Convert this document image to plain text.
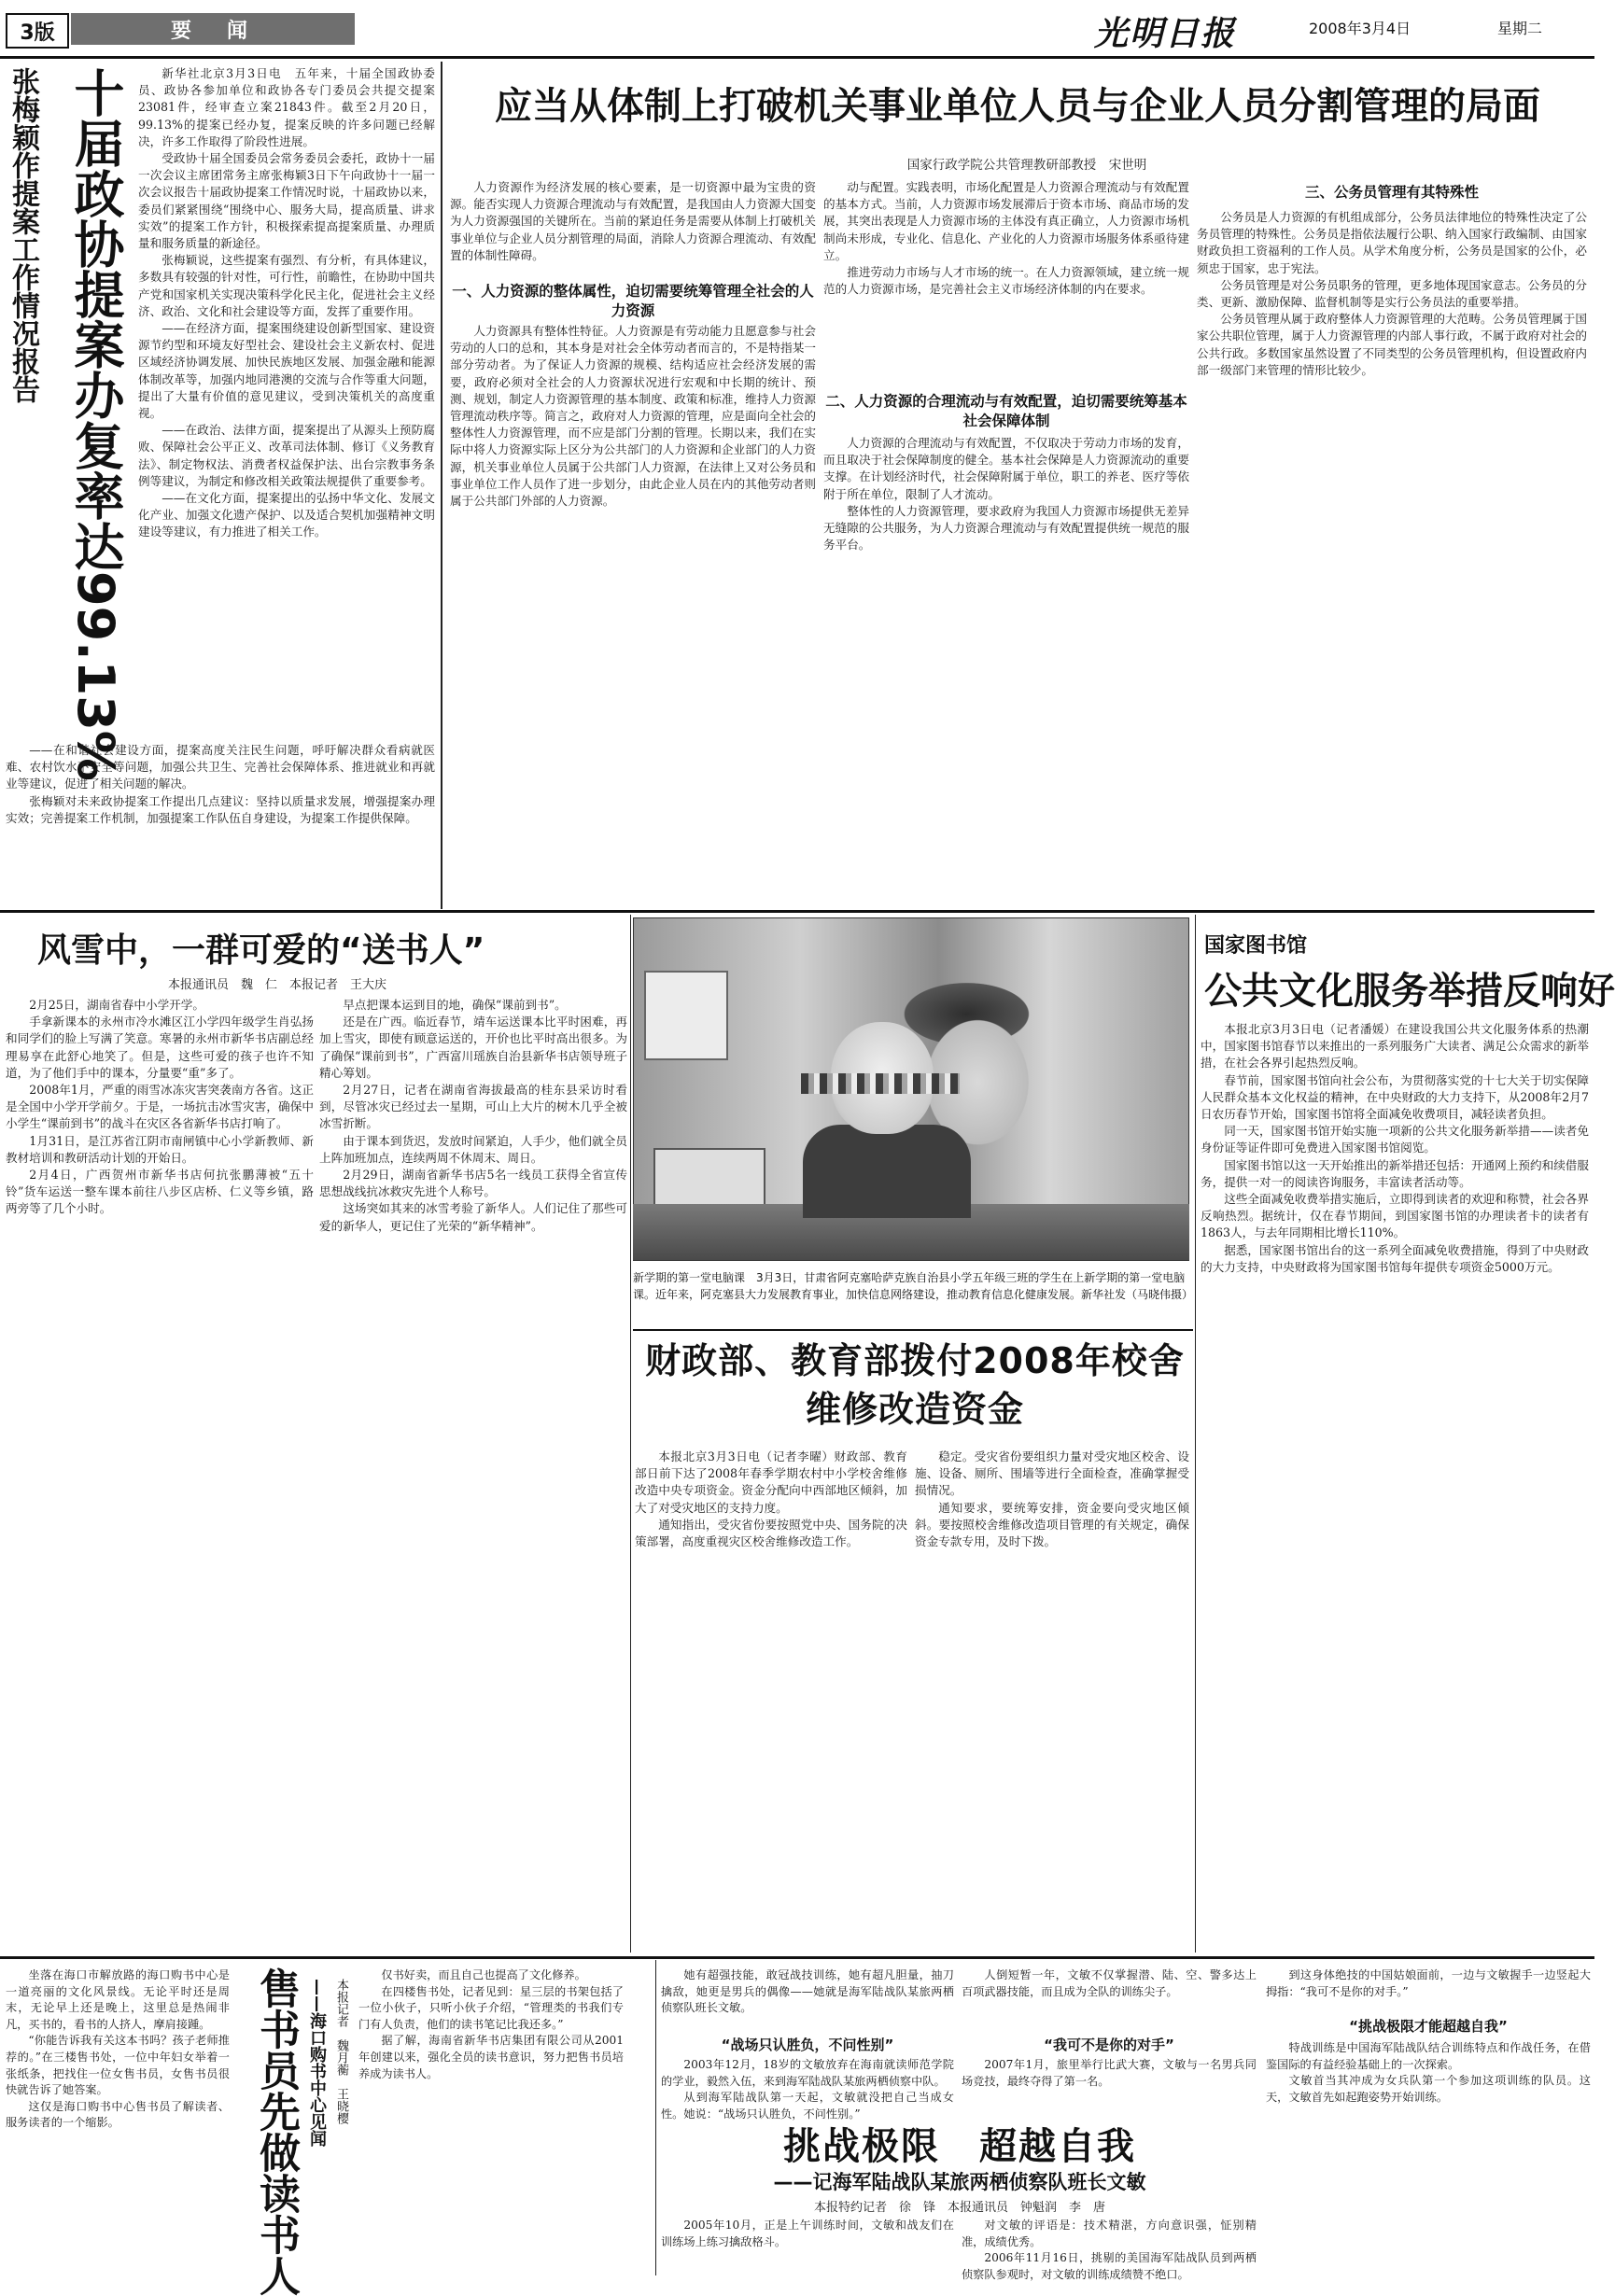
3版	要　闻	光明日报	2008年3月4日	星期二
十届政协提案办复率达99.13%
张梅颖作提案工作情况报告	新华社北京3月3日电　五年来，十届全国政协委员、政协各参加单位和政协各专门委员会共提交提案23081件，经审查立案21843件。截至2月20日，99.13%的提案已经办复，提案反映的许多问题已经解决，许多工作取得了阶段性进展。

受政协十届全国委员会常务委员会委托，政协十一届一次会议主席团常务主席张梅颖3日下午向政协十一届一次会议报告十届政协提案工作情况时说，十届政协以来，委员们紧紧围绕“围绕中心、服务大局，提高质量、讲求实效”的提案工作方针，积极探索提高提案质量、办理质量和服务质量的新途径。

张梅颖说，这些提案有强烈、有分析，有具体建议，多数具有较强的针对性，可行性，前瞻性，在协助中国共产党和国家机关实现决策科学化民主化，促进社会主义经济、政治、文化和社会建设等方面，发挥了重要作用。

——在经济方面，提案围绕建设创新型国家、建设资源节约型和环境友好型社会、建设社会主义新农村、促进区域经济协调发展、加快民族地区发展、加强金融和能源体制改革等，加强内地同港澳的交流与合作等重大问题，提出了大量有价值的意见建议，受到决策机关的高度重视。

——在政治、法律方面，提案提出了从源头上预防腐败、保障社会公平正义、改革司法体制、修订《义务教育法》、制定物权法、消费者权益保护法、出台宗教事务条例等建议，为制定和修改相关政策法规提供了重要参考。

——在文化方面，提案提出的弘扬中华文化、发展文化产业、加强文化遗产保护、以及适合契机加强精神文明建设等建议，有力推进了相关工作。

——在和谐社会建设方面，提案高度关注民生问题，呼吁解决群众看病就医难、农村饮水不安全等问题，加强公共卫生、完善社会保障体系、推进就业和再就业等建议，促进了相关问题的解决。

张梅颖对未来政协提案工作提出几点建议：坚持以质量求发展，增强提案办理实效；完善提案工作机制，加强提案工作队伍自身建设，为提案工作提供保障。

应当从体制上打破机关事业单位人员与企业人员分割管理的局面
国家行政学院公共管理教研部教授　宋世明

人力资源作为经济发展的核心要素，是一切资源中最为宝贵的资源。能否实现人力资源合理流动与有效配置，是我国由人力资源大国变为人力资源强国的关键所在。当前的紧迫任务是需要从体制上打破机关事业单位与企业人员分割管理的局面，消除人力资源合理流动、有效配置的体制性障碍。

一、人力资源的整体属性，迫切需要统筹管理全社会的人力资源

人力资源具有整体性特征。人力资源是有劳动能力且愿意参与社会劳动的人口的总和，其本身是对社会全体劳动者而言的，不是特指某一部分劳动者。为了保证人力资源的规模、结构适应社会经济发展的需要，政府必须对全社会的人力资源状况进行宏观和中长期的统计、预测、规划，制定人力资源管理的基本制度、政策和标准，维持人力资源管理流动秩序等。简言之，政府对人力资源的管理，应是面向全社会的整体性人力资源管理，而不应是部门分割的管理。长期以来，我们在实际中将人力资源实际上区分为公共部门的人力资源和企业部门的人力资源，机关事业单位人员属于公共部门人力资源，在法律上又对公务员和事业单位工作人员作了进一步划分，由此企业人员在内的其他劳动者则属于公共部门外部的人力资源。

动与配置。实践表明，市场化配置是人力资源合理流动与有效配置的基本方式。当前，人力资源市场发展滞后于资本市场、商品市场的发展，其突出表现是人力资源市场的主体没有真正确立，人力资源市场机制尚未形成，专业化、信息化、产业化的人力资源市场服务体系亟待建立。

推进劳动力市场与人才市场的统一。在人力资源领域，建立统一规范的人力资源市场，是完善社会主义市场经济体制的内在要求。

二、人力资源的合理流动与有效配置，迫切需要统筹基本社会保障体制

人力资源的合理流动与有效配置，不仅取决于劳动力市场的发育，而且取决于社会保障制度的健全。基本社会保障是人力资源流动的重要支撑。在计划经济时代，社会保障附属于单位，职工的养老、医疗等依附于所在单位，限制了人才流动。

整体性的人力资源管理，要求政府为我国人力资源市场提供无差异无缝隙的公共服务，为人力资源合理流动与有效配置提供统一规范的服务平台。

三、公务员管理有其特殊性

公务员是人力资源的有机组成部分，公务员法律地位的特殊性决定了公务员管理的特殊性。公务员是指依法履行公职、纳入国家行政编制、由国家财政负担工资福利的工作人员。从学术角度分析，公务员是国家的公仆，必须忠于国家，忠于宪法。

公务员管理是对公务员职务的管理，更多地体现国家意志。公务员的分类、更新、激励保障、监督机制等是实行公务员法的重要举措。

公务员管理从属于政府整体人力资源管理的大范畴。公务员管理属于国家公共职位管理，属于人力资源管理的内部人事行政，不属于政府对社会的公共行政。多数国家虽然设置了不同类型的公务员管理机构，但设置政府内部一级部门来管理的情形比较少。

风雪中，一群可爱的“送书人”
本报通讯员　魏　仁　本报记者　王大庆

2月25日，湖南省春中小学开学。

手拿新课本的永州市冷水滩区江小学四年级学生肖弘扬和同学们的脸上写满了笑意。寒暑的永州市新华书店副总经理易享在此舒心地笑了。但是，这些可爱的孩子也许不知道，为了他们手中的课本，分量要“重”多了。

2008年1月，严重的雨雪冰冻灾害突袭南方各省。这正是全国中小学开学前夕。于是，一场抗击冰雪灾害，确保中小学生“课前到书”的战斗在灾区各省新华书店打响了。

1月31日，是江苏省江阴市南闸镇中心小学新教师、新教材培训和教研活动计划的开始日。

2月4日，广西贺州市新华书店何抗张鹏薄被“五十铃”货车运送一整车课本前往八步区店桥、仁义等乡镇，路两旁等了几个小时。

早点把课本运到目的地，确保“课前到书”。

还是在广西。临近春节，靖车运送课本比平时困难，再加上雪灾，即使有顾意运送的，开价也比平时高出很多。为了确保“课前到书”，广西富川瑶族自治县新华书店领导班子精心筹划。

2月27日，记者在湖南省海拔最高的桂东县采访时看到，尽管冰灾已经过去一星期，可山上大片的树木几乎全被冰雪折断。

由于课本到货迟，发放时间紧迫，人手少，他们就全员上阵加班加点，连续两周不休周末、周日。

2月29日，湖南省新华书店5名一线员工获得全省宣传思想战线抗冰救灾先进个人称号。

这场突如其来的冰雪考验了新华人。人们记住了那些可爱的新华人，更记住了光荣的“新华精神”。

新学期的第一堂电脑课　3月3日，甘肃省阿克塞哈萨克族自治县小学五年级三班的学生在上新学期的第一堂电脑课。近年来，阿克塞县大力发展教育事业，加快信息网络建设，推动教育信息化健康发展。新华社发（马晓伟摄）
国家图书馆
公共文化服务举措反响好

本报北京3月3日电（记者潘媛）在建设我国公共文化服务体系的热潮中，国家图书馆春节以来推出的一系列服务广大读者、满足公众需求的新举措，在社会各界引起热烈反响。

春节前，国家图书馆向社会公布，为贯彻落实党的十七大关于切实保障人民群众基本文化权益的精神，在中央财政的大力支持下，从2008年2月7日农历春节开始，国家图书馆将全面减免收费项目，减轻读者负担。

同一天，国家图书馆开始实施一项新的公共文化服务新举措——读者免身份证等证件即可免费进入国家图书馆阅览。

国家图书馆以这一天开始推出的新举措还包括：开通网上预约和续借服务，提供一对一的阅读咨询服务，丰富读者活动等。

这些全面减免收费举措实施后，立即得到读者的欢迎和称赞，社会各界反响热烈。据统计，仅在春节期间，到国家图书馆的办理读者卡的读者有1863人，与去年同期相比增长110%。

据悉，国家图书馆出台的这一系列全面减免收费措施，得到了中央财政的大力支持，中央财政将为国家图书馆每年提供专项资金5000万元。

财政部、教育部拨付2008年校舍维修改造资金

本报北京3月3日电（记者李曜）财政部、教育部日前下达了2008年春季学期农村中小学校舍维修改造中央专项资金。资金分配向中西部地区倾斜，加大了对受灾地区的支持力度。

通知指出，受灾省份要按照党中央、国务院的决策部署，高度重视灾区校舍维修改造工作。

稳定。受灾省份要组织力量对受灾地区校舍、设施、设备、厕所、围墙等进行全面检查，准确掌握受损情况。

通知要求，要统筹安排，资金要向受灾地区倾斜。要按照校舍维修改造项目管理的有关规定，确保资金专款专用，及时下拨。

坐落在海口市解放路的海口购书中心是一道亮丽的文化风景线。无论平时还是周末，无论早上还是晚上，这里总是热闹非凡，买书的，看书的人挤人，摩肩接踵。

“你能告诉我有关这本书吗？孩子老师推荐的。”在三楼售书处，一位中年妇女举着一张纸条，把找住一位女售书员，女售书员很快就告诉了她答案。

这仅是海口购书中心售书员了解读者、服务读者的一个缩影。	售书员先做读书人 ——海口购书中心见闻 本报记者　魏月蘅　王晓樱

仅书好卖，而且自己也提高了文化修养。

在四楼售书处，记者见到：星三层的书架包括了一位小伙子，只听小伙子介绍，“管理类的书我们专门有人负责，他们的读书笔记比我还多。”

据了解，海南省新华书店集团有限公司从2001年创建以来，强化全员的读书意识，努力把售书员培养成为读书人。

她有超强技能，敢冠战技训练，她有超凡胆量，抽刀擒敌，她更是男兵的偶像——她就是海军陆战队某旅两栖侦察队班长文敏。

“战场只认胜负，不问性别”

2003年12月，18岁的文敏放弃在海南就读师范学院的学业，毅然入伍，来到海军陆战队某旅两栖侦察中队。

从到海军陆战队第一天起，文敏就没把自己当成女性。她说：“战场只认胜负，不问性别。”

“我可不是你的对手”

人倒短暂一年，文敏不仅掌握潜、陆、空、警多达上百项武器技能，而且成为全队的训练尖子。

2007年1月，旅里举行比武大赛，文敏与一名男兵同场竞技，最终夺得了第一名。

到这身体绝技的中国姑娘面前，一边与文敏握手一边竖起大拇指：“我可不是你的对手。”

“挑战极限才能超越自我”

特战训练是中国海军陆战队结合训练特点和作战任务，在借鉴国际的有益经验基础上的一次探索。

文敏首当其冲成为女兵队第一个参加这项训练的队员。这天，文敏首先如起跑姿势开始训练。

挑战极限　超越自我
——记海军陆战队某旅两栖侦察队班长文敏
本报特约记者　徐　锋　本报通讯员　钟魁润　李　唐

2005年10月，正是上午训练时间，文敏和战友们在训练场上练习擒敌格斗。

对文敏的评语是：技术精湛，方向意识强，怔别精准，成绩优秀。

2006年11月16日，挑剔的美国海军陆战队员到两栖侦察队参观时，对文敏的训练成绩赞不绝口。
